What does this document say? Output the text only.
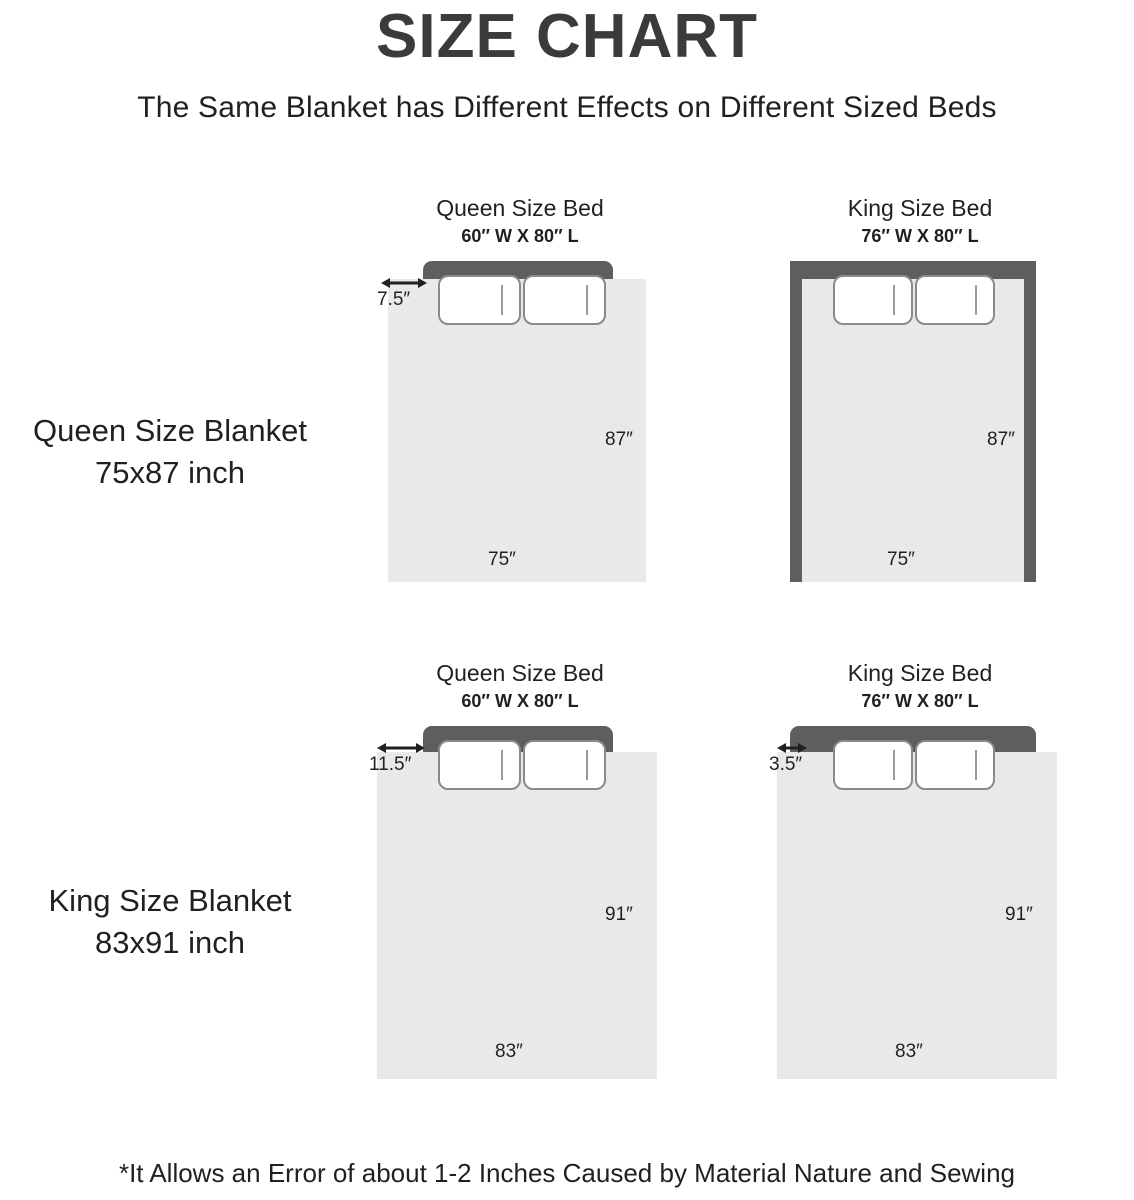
SIZE CHART
The Same Blanket has Different Effects on Different Sized Beds
Queen Size Blanket
75x87 inch
Queen Size Bed
60″ W X 80″ L
7.5″
87″
75″
King Size Bed
76″ W X 80″ L
87″
75″
King Size Blanket
83x91 inch
Queen Size Bed
60″ W X 80″ L
11.5″
91″
83″
King Size Bed
76″ W X 80″ L
3.5″
91″
83″
*It Allows an Error of about 1-2 Inches Caused by Material Nature and Sewing
